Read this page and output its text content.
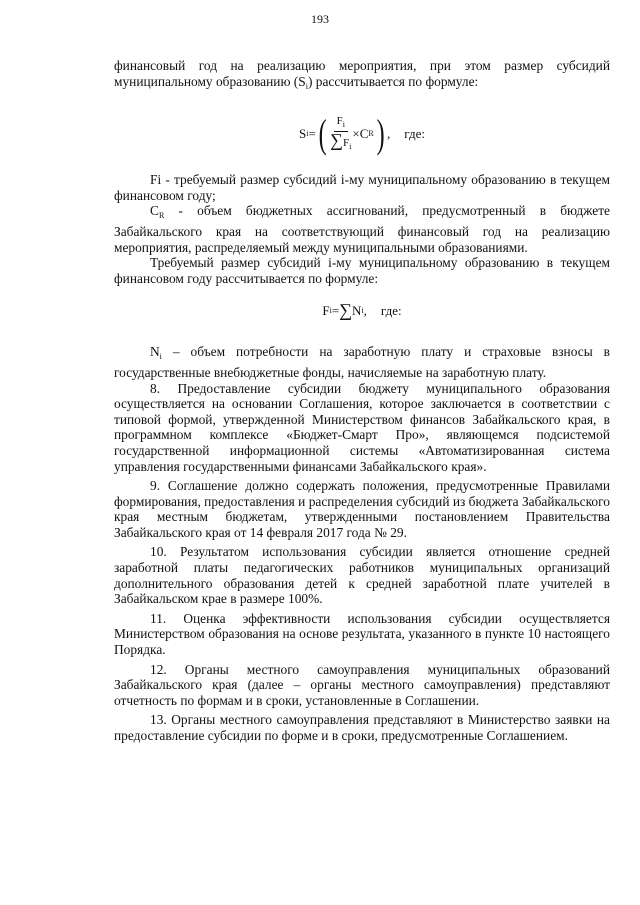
193

финансовый год на реализацию мероприятия, при этом размер субсидий муниципальному образованию $(S_i)$ рассчитывается по формуле:

S i = ( $\frac{F_i}{\sum F_i} \times C$ R ) , где:

Fi - требуемый размер субсидий i-му муниципальному образованию в текущем финансовом году;

$C_R$ - объем бюджетных ассигнований, предусмотренный в бюджете Забайкальского края на соответствующий финансовый год на реализацию мероприятия, распределяемый между муниципальными образованиями.

Требуемый размер субсидий i-му муниципальному образованию в текущем финансовом году рассчитывается по формуле:

F i = ∑ N i , где:

$N_i$ – объем потребности на заработную плату и страховые взносы в государственные внебюджетные фонды, начисляемые на заработную плату.

8. Предоставление субсидии бюджету муниципального образования осуществляется на основании Соглашения, которое заключается в соответствии с типовой формой, утвержденной Министерством финансов Забайкальского края, в программном комплексе «Бюджет-Смарт Про», являющемся подсистемой государственной информационной системы «Автоматизированная система управления государственными финансами Забайкальского края».

9. Соглашение должно содержать положения, предусмотренные Правилами формирования, предоставления и распределения субсидий из бюджета Забайкальского края местным бюджетам, утвержденными постановлением Правительства Забайкальского края от 14 февраля 2017 года № 29.

10. Результатом использования субсидии является отношение средней заработной платы педагогических работников муниципальных организаций дополнительного образования детей к средней заработной плате учителей в Забайкальском крае в размере 100%.

11. Оценка эффективности использования субсидии осуществляется Министерством образования на основе результата, указанного в пункте 10 настоящего Порядка.

12. Органы местного самоуправления муниципальных образований Забайкальского края (далее – органы местного самоуправления) представляют отчетность по формам и в сроки, установленные в Соглашении.

13. Органы местного самоуправления представляют в Министерство заявки на предоставление субсидии по форме и в сроки, предусмотренные Соглашением.
